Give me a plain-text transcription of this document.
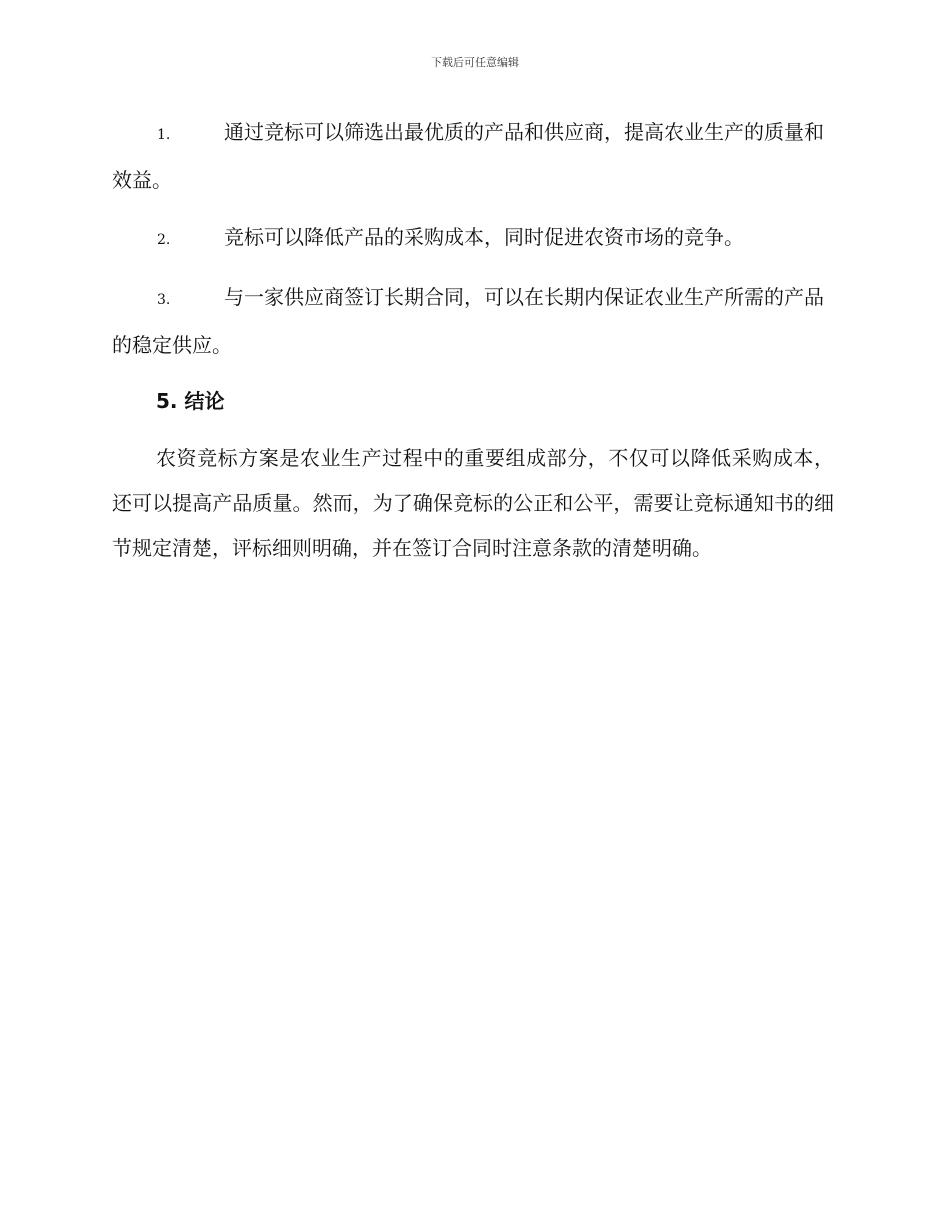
下载后可任意编辑

1.	通过竞标可以筛选出最优质的产品和供应商，提高农业生产的质量和效益。

2.	竞标可以降低产品的采购成本，同时促进农资市场的竞争。

3.	与一家供应商签订长期合同，可以在长期内保证农业生产所需的产品的稳定供应。

5. 结论

农资竞标方案是农业生产过程中的重要组成部分，不仅可以降低采购成本，还可以提高产品质量。然而，为了确保竞标的公正和公平，需要让竞标通知书的细节规定清楚，评标细则明确，并在签订合同时注意条款的清楚明确。
